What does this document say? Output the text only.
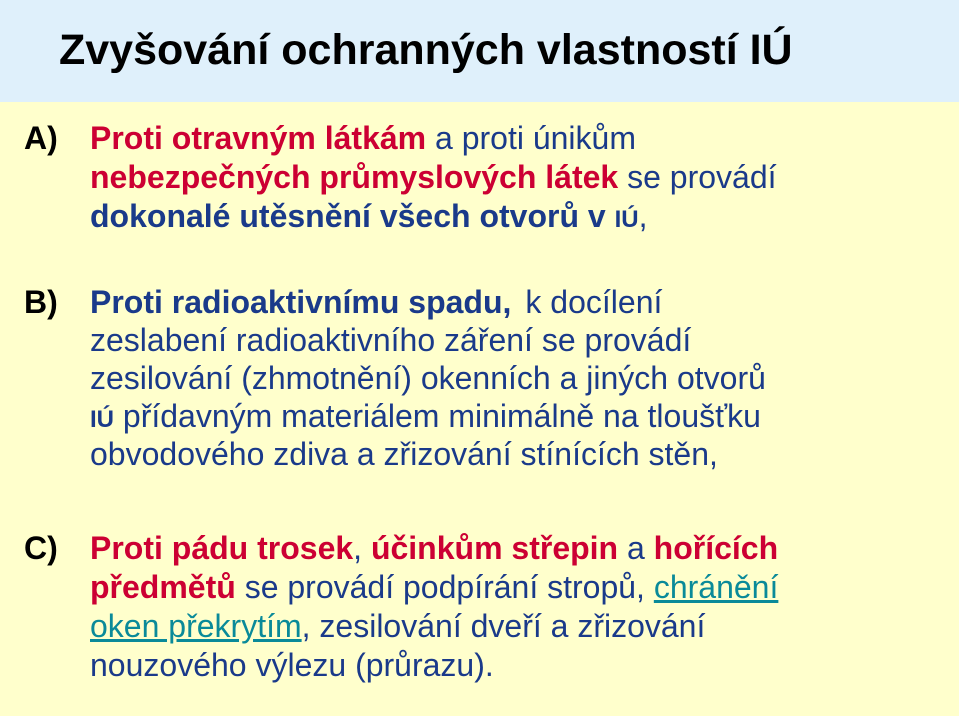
Zvyšování ochranných vlastností IÚ
A) Proti otravným látkám a proti únikům
nebezpečných průmyslových látek se provádí
dokonalé utěsnění všech otvorů v IÚ,
B) Proti radioaktivnímu spadu, k docílení
zeslabení radioaktivního záření se provádí
zesilování (zhmotnění) okenních a jiných otvorů
IÚ přídavným materiálem minimálně na tloušťku
obvodového zdiva a zřizování stínících stěn,
C) Proti pádu trosek, účinkům střepin a hořících
předmětů se provádí podpírání stropů, chránění
oken překrytím, zesilování dveří a zřizování
nouzového výlezu (průrazu).
